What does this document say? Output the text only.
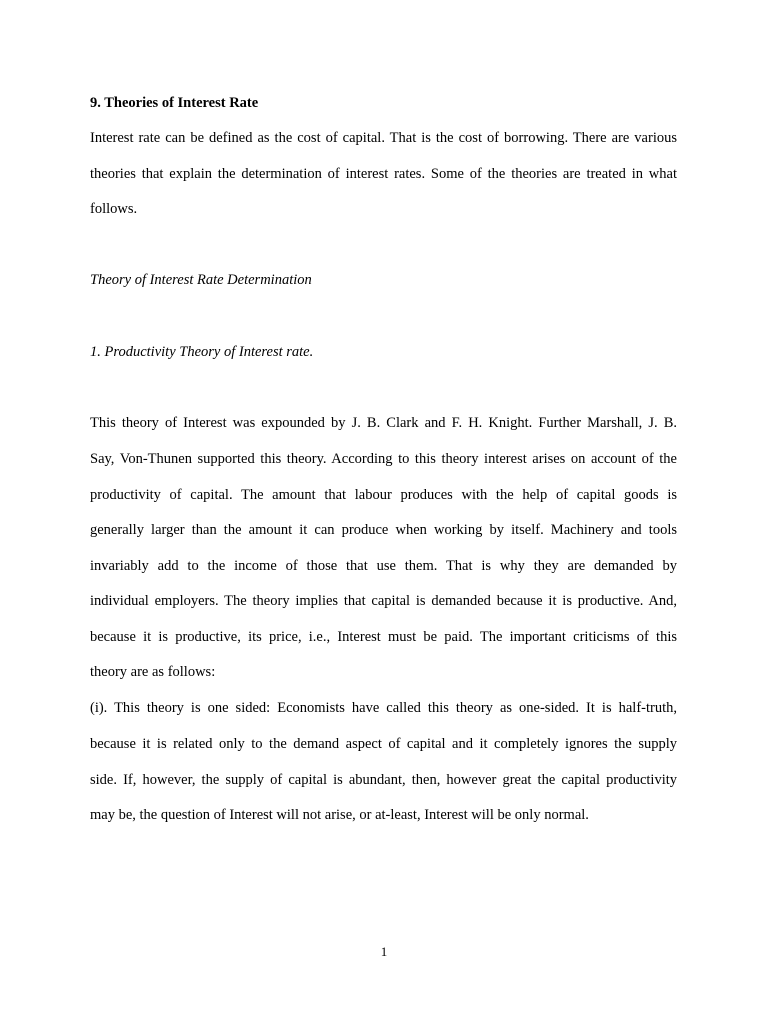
9. Theories of Interest Rate
Interest rate can be defined as the cost of capital. That is the cost of borrowing. There are various
theories that explain the determination of interest rates. Some of the theories are treated in what
follows.
Theory of Interest Rate Determination
1. Productivity Theory of Interest rate.
This theory of Interest was expounded by J. B. Clark and F. H. Knight. Further Marshall, J. B.
Say, Von-Thunen supported this theory. According to this theory interest arises on account of the
productivity of capital. The amount that labour produces with the help of capital goods is
generally larger than the amount it can produce when working by itself. Machinery and tools
invariably add to the income of those that use them. That is why they are demanded by
individual employers. The theory implies that capital is demanded because it is productive. And,
because it is productive, its price, i.e., Interest must be paid. The important criticisms of this
theory are as follows:
(i). This theory is one sided: Economists have called this theory as one-sided. It is half-truth,
because it is related only to the demand aspect of capital and it completely ignores the supply
side. If, however, the supply of capital is abundant, then, however great the capital productivity
may be, the question of Interest will not arise, or at-least, Interest will be only normal.
1
